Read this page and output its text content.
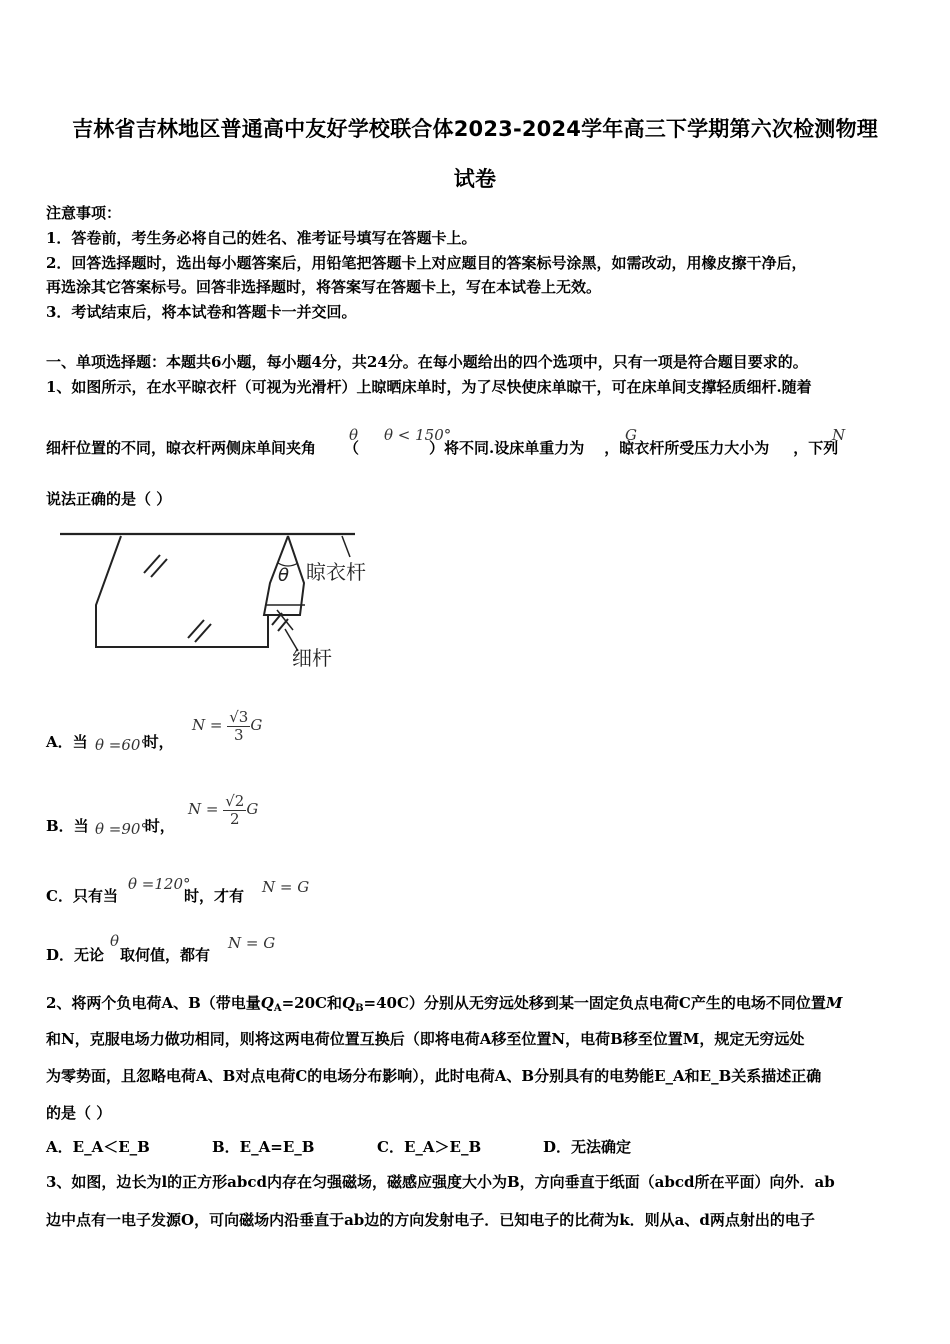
吉林省吉林地区普通高中友好学校联合体2023-2024学年高三下学期第六次检测物理
试卷
注意事项：
1．答卷前，考生务必将自己的姓名、准考证号填写在答题卡上。
2．回答选择题时，选出每小题答案后，用铅笔把答题卡上对应题目的答案标号涂黑，如需改动，用橡皮擦干净后，
再选涂其它答案标号。回答非选择题时，将答案写在答题卡上，写在本试卷上无效。
3．考试结束后，将本试卷和答题卡一并交回。
一、单项选择题：本题共6小题，每小题4分，共24分。在每小题给出的四个选项中，只有一项是符合题目要求的。
1、如图所示，在水平晾衣杆（可视为光滑杆）上晾晒床单时，为了尽快使床单晾干，可在床单间支撑轻质细杆.随着
细杆位置的不同，晾衣杆两侧床单间夹角 （	）将不同.设床单重力为 ，晾衣杆所受压力大小为 ，下列
θ θ < 150°	G	N
说法正确的是（ ）
θ 晾衣杆
细杆
A．当	时，
θ =60°
$N = \frac{√3}{3}$ G
B．当	时，
θ =90°
$N = \frac{√2}{2}$ G
C．只有当	时，才有
θ =120°	N = G
D．无论 取何值，都有
θ	N = G
2、将两个负电荷A、B（带电量$Q_A=20C$和$Q_B=40C$）分别从无穷远处移到某一固定负点电荷C产生的电场不同位置M
和N，克服电场力做功相同，则将这两电荷位置互换后（即将电荷A移至位置N，电荷B移至位置M，规定无穷远处
为零势面，且忽略电荷A、B对点电荷C的电场分布影响），此时电荷A、B分别具有的电势能E_A和E_B关系描述正确
的是（ ）
A．E_A＜E_B	B．E_A=E_B	C．E_A＞E_B	D．无法确定
3、如图，边长为l的正方形abcd内存在匀强磁场，磁感应强度大小为B，方向垂直于纸面（abcd所在平面）向外．ab
边中点有一电子发源O，可向磁场内沿垂直于ab边的方向发射电子．已知电子的比荷为k．则从a、d两点射出的电子
